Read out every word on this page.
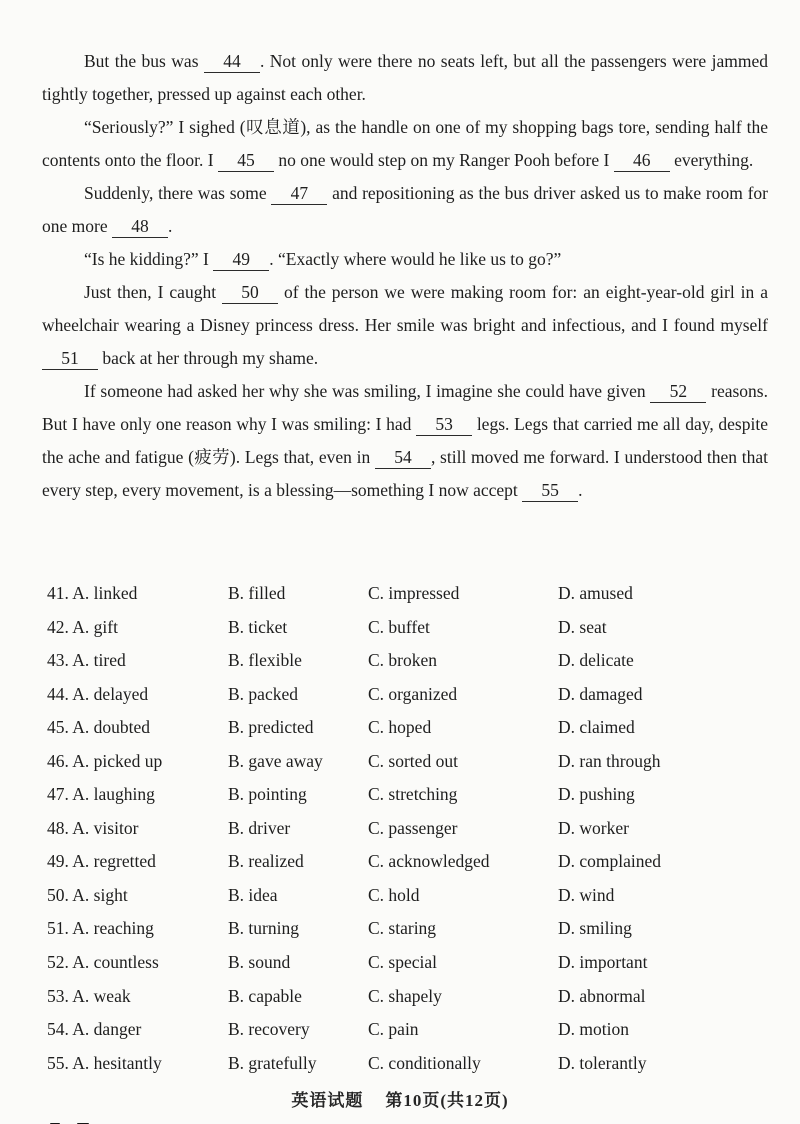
But the bus was 44 . Not only were there no seats left, but all the passengers were jammed tightly together, pressed up against each other.

“Seriously?” I sighed (叹息道), as the handle on one of my shopping bags tore, sending half the contents onto the floor. I 45 no one would step on my Ranger Pooh before I 46 everything.

Suddenly, there was some 47 and repositioning as the bus driver asked us to make room for one more 48 .

“Is he kidding?” I 49 . “Exactly where would he like us to go?”

Just then, I caught 50 of the person we were making room for: an eight-year-old girl in a wheelchair wearing a Disney princess dress. Her smile was bright and infectious, and I found myself 51 back at her through my shame.

If someone had asked her why she was smiling, I imagine she could have given 52 reasons. But I have only one reason why I was smiling: I had 53 legs. Legs that carried me all day, despite the ache and fatigue (疲劳). Legs that, even in 54 , still moved me forward. I understood then that every step, every movement, is a blessing—something I now accept 55 .

41. A. linked	B. filled	C. impressed	D. amused
42. A. gift	B. ticket	C. buffet	D. seat
43. A. tired	B. flexible	C. broken	D. delicate
44. A. delayed	B. packed	C. organized	D. damaged
45. A. doubted	B. predicted	C. hoped	D. claimed
46. A. picked up	B. gave away	C. sorted out	D. ran through
47. A. laughing	B. pointing	C. stretching	D. pushing
48. A. visitor	B. driver	C. passenger	D. worker
49. A. regretted	B. realized	C. acknowledged	D. complained
50. A. sight	B. idea	C. hold	D. wind
51. A. reaching	B. turning	C. staring	D. smiling
52. A. countless	B. sound	C. special	D. important
53. A. weak	B. capable	C. shapely	D. abnormal
54. A. danger	B. recovery	C. pain	D. motion
55. A. hesitantly	B. gratefully	C. conditionally	D. tolerantly
英语试题 第10页(共12页)
